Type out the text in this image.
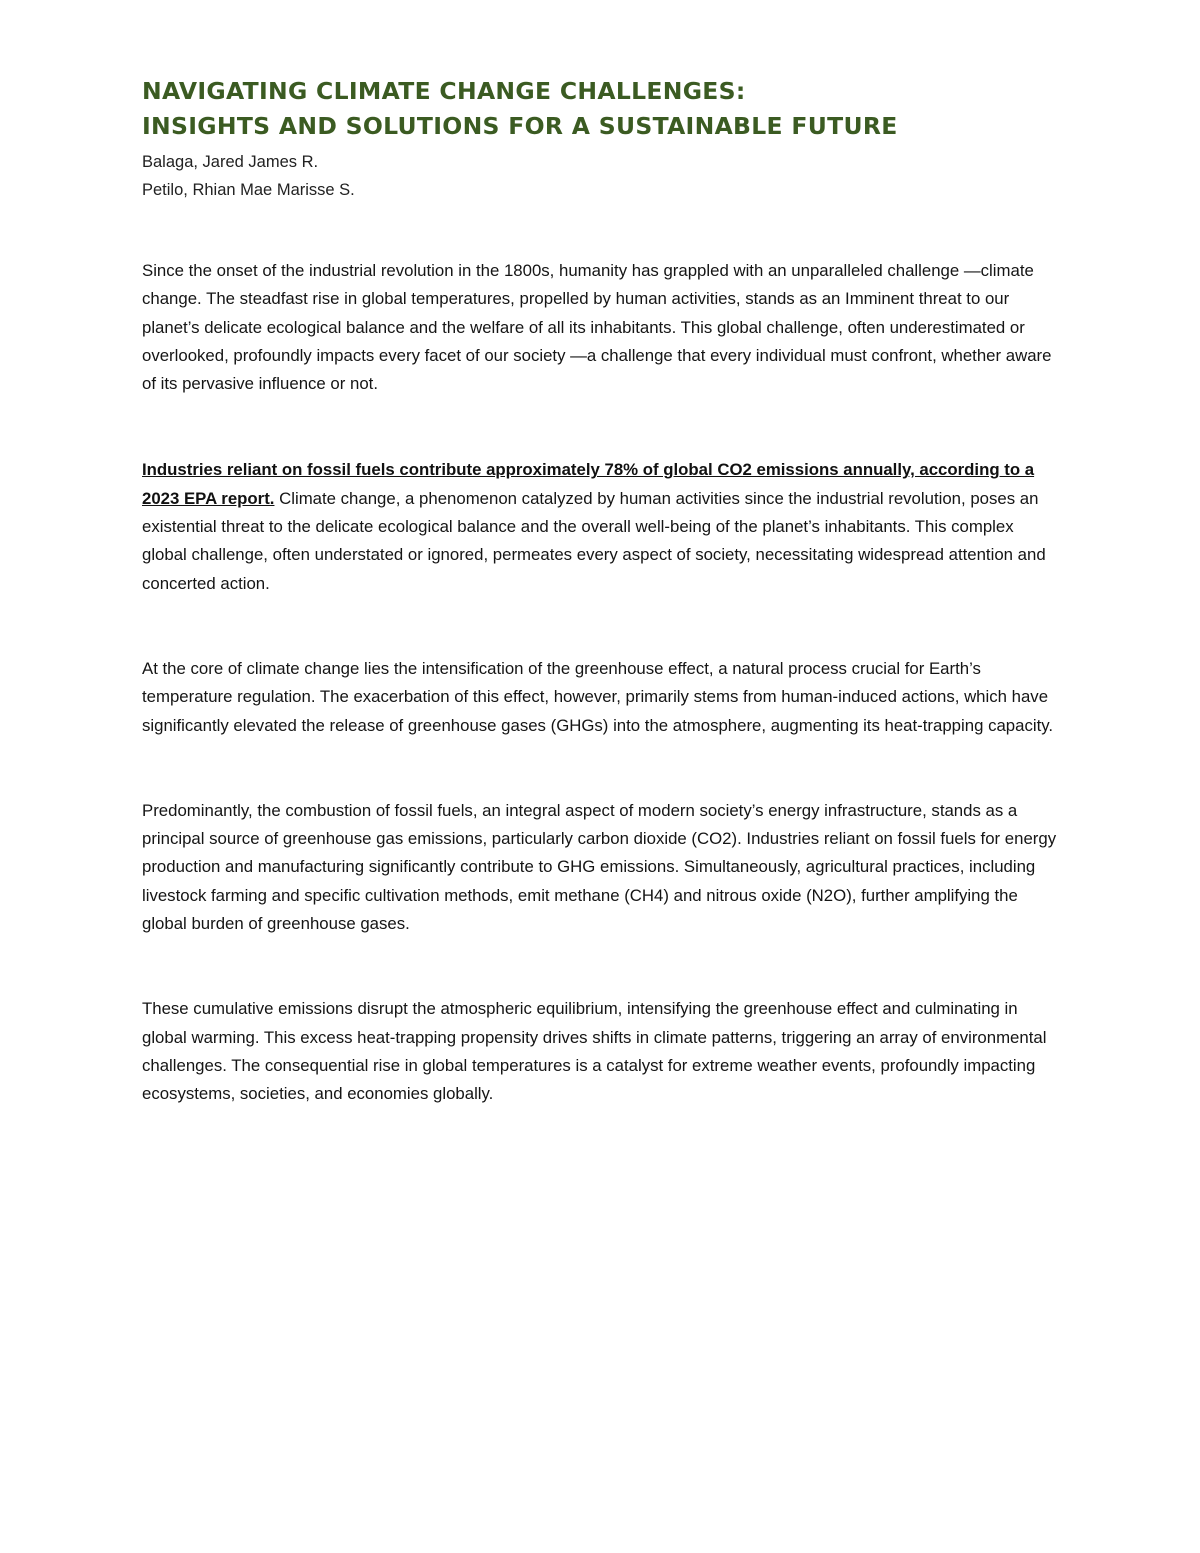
NAVIGATING CLIMATE CHANGE CHALLENGES:
INSIGHTS AND SOLUTIONS FOR A SUSTAINABLE FUTURE
Balaga, Jared James R.
Petilo, Rhian Mae Marisse S.

Since the onset of the industrial revolution in the 1800s, humanity has grappled with an unparalleled challenge —climate change. The steadfast rise in global temperatures, propelled by human activities, stands as an Imminent threat to our planet’s delicate ecological balance and the welfare of all its inhabitants. This global challenge, often underestimated or overlooked, profoundly impacts every facet of our society —a challenge that every individual must confront, whether aware of its pervasive influence or not.

Industries reliant on fossil fuels contribute approximately 78% of global CO2 emissions annually, according to a 2023 EPA report. Climate change, a phenomenon catalyzed by human activities since the industrial revolution, poses an existential threat to the delicate ecological balance and the overall well-being of the planet’s inhabitants. This complex global challenge, often understated or ignored, permeates every aspect of society, necessitating widespread attention and concerted action.

At the core of climate change lies the intensification of the greenhouse effect, a natural process crucial for Earth’s temperature regulation. The exacerbation of this effect, however, primarily stems from human-induced actions, which have significantly elevated the release of greenhouse gases (GHGs) into the atmosphere, augmenting its heat-trapping capacity.

Predominantly, the combustion of fossil fuels, an integral aspect of modern society’s energy infrastructure, stands as a principal source of greenhouse gas emissions, particularly carbon dioxide (CO2). Industries reliant on fossil fuels for energy production and manufacturing significantly contribute to GHG emissions. Simultaneously, agricultural practices, including livestock farming and specific cultivation methods, emit methane (CH4) and nitrous oxide (N2O), further amplifying the global burden of greenhouse gases.

These cumulative emissions disrupt the atmospheric equilibrium, intensifying the greenhouse effect and culminating in global warming. This excess heat-trapping propensity drives shifts in climate patterns, triggering an array of environmental challenges. The consequential rise in global temperatures is a catalyst for extreme weather events, profoundly impacting ecosystems, societies, and economies globally.
